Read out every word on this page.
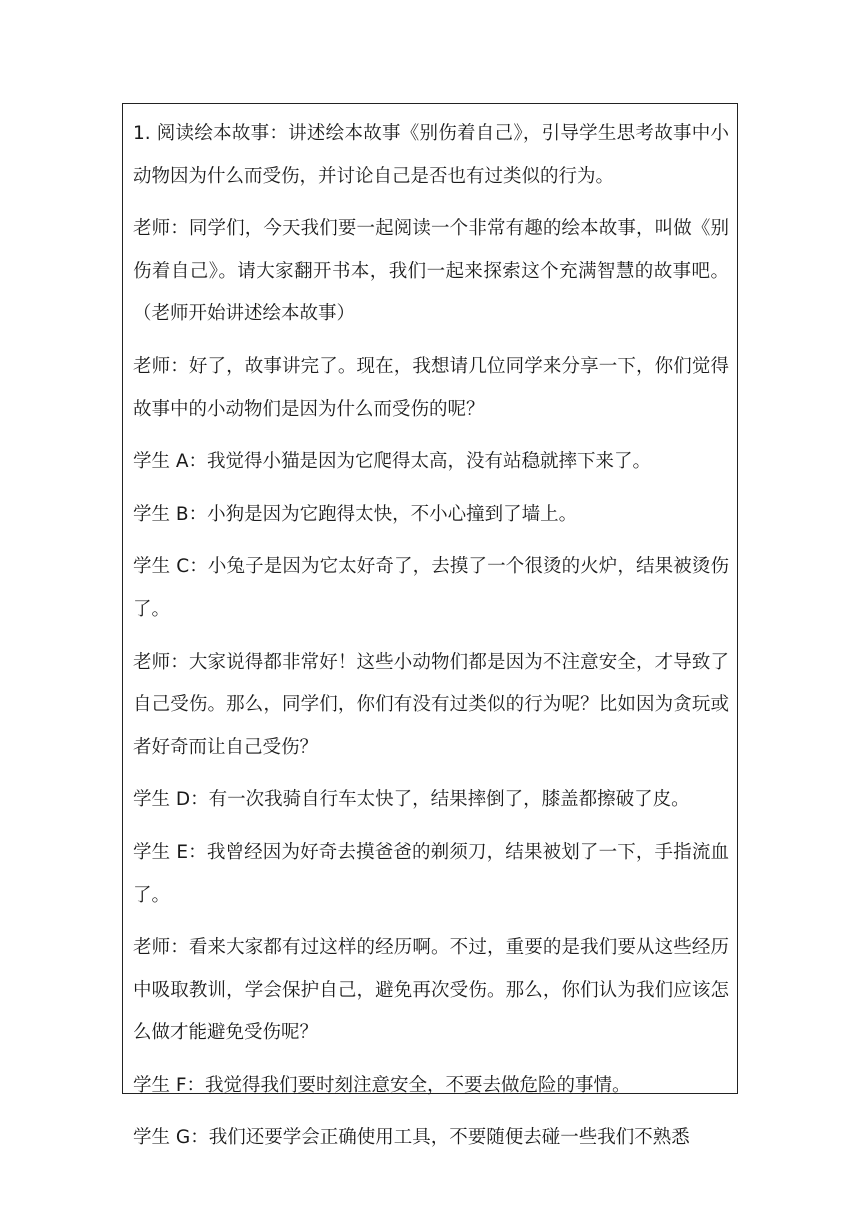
1. 阅读绘本故事：讲述绘本故事《别伤着自己》，引导学生思考故事中小动物因为什么而受伤，并讨论自己是否也有过类似的行为。

老师：同学们，今天我们要一起阅读一个非常有趣的绘本故事，叫做《别伤着自己》。请大家翻开书本，我们一起来探索这个充满智慧的故事吧。（老师开始讲述绘本故事）

老师：好了，故事讲完了。现在，我想请几位同学来分享一下，你们觉得故事中的小动物们是因为什么而受伤的呢？

学生 A：我觉得小猫是因为它爬得太高，没有站稳就摔下来了。

学生 B：小狗是因为它跑得太快，不小心撞到了墙上。

学生 C：小兔子是因为它太好奇了，去摸了一个很烫的火炉，结果被烫伤了。

老师：大家说得都非常好！这些小动物们都是因为不注意安全，才导致了自己受伤。那么，同学们，你们有没有过类似的行为呢？比如因为贪玩或者好奇而让自己受伤？

学生 D：有一次我骑自行车太快了，结果摔倒了，膝盖都擦破了皮。

学生 E：我曾经因为好奇去摸爸爸的剃须刀，结果被划了一下，手指流血了。

老师：看来大家都有过这样的经历啊。不过，重要的是我们要从这些经历中吸取教训，学会保护自己，避免再次受伤。那么，你们认为我们应该怎么做才能避免受伤呢？

学生 F：我觉得我们要时刻注意安全，不要去做危险的事情。

学生 G：我们还要学会正确使用工具，不要随便去碰一些我们不熟悉
